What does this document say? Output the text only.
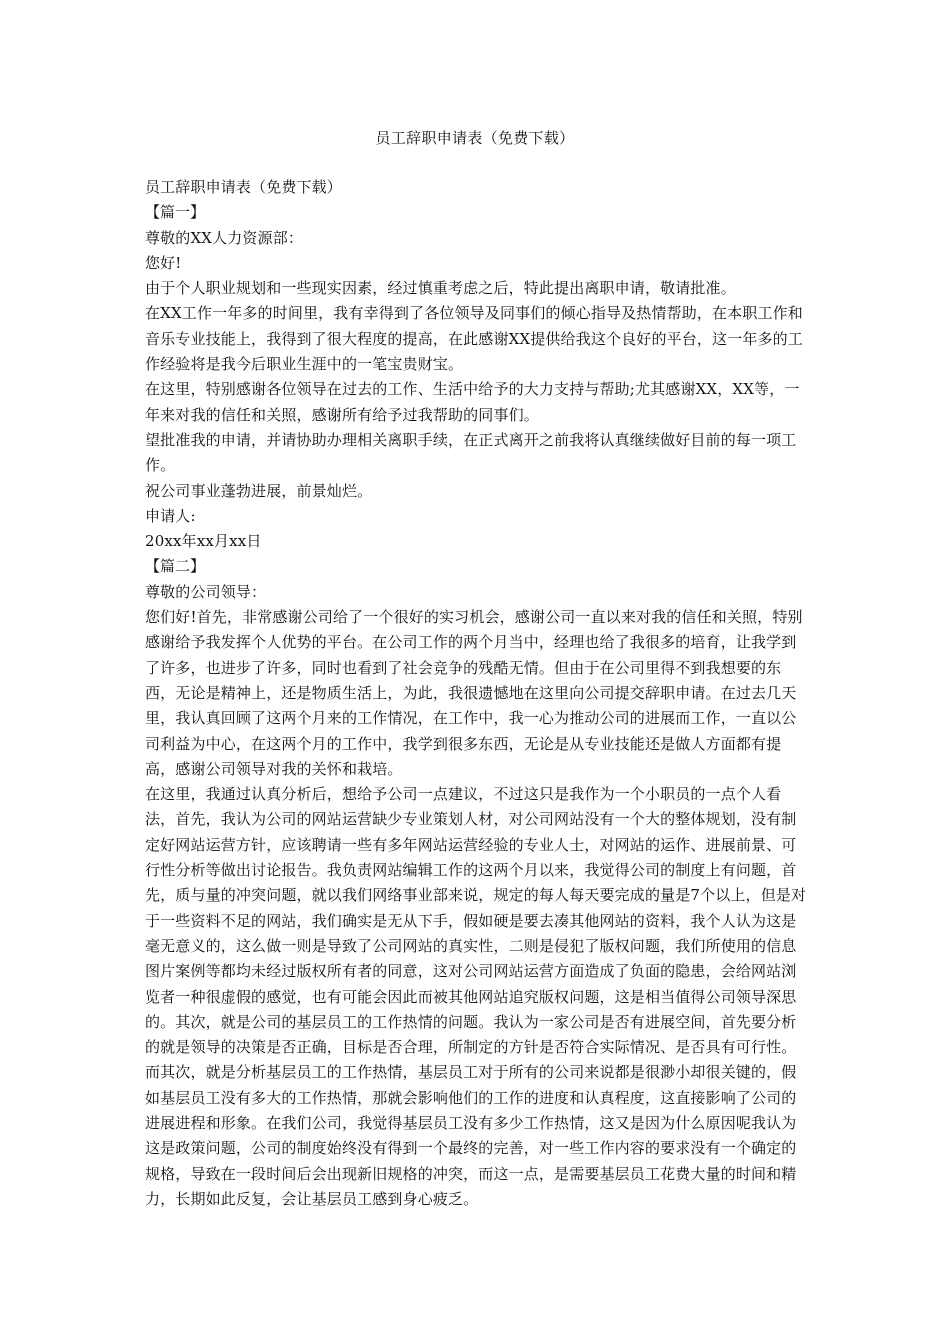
员工辞职申请表（免费下载）

员工辞职申请表（免费下载）

【篇一】

尊敬的XX人力资源部：

您好!

由于个人职业规划和一些现实因素，经过慎重考虑之后，特此提出离职申请，敬请批准。

在XX工作一年多的时间里，我有幸得到了各位领导及同事们的倾心指导及热情帮助，在本职工作和音乐专业技能上，我得到了很大程度的提高，在此感谢XX提供给我这个良好的平台，这一年多的工作经验将是我今后职业生涯中的一笔宝贵财宝。

在这里，特别感谢各位领导在过去的工作、生活中给予的大力支持与帮助;尤其感谢XX，XX等，一年来对我的信任和关照，感谢所有给予过我帮助的同事们。

望批准我的申请，并请协助办理相关离职手续，在正式离开之前我将认真继续做好目前的每一项工作。

祝公司事业蓬勃进展，前景灿烂。

申请人:

20xx年xx月xx日

【篇二】

尊敬的公司领导：

您们好!首先，非常感谢公司给了一个很好的实习机会，感谢公司一直以来对我的信任和关照，特别感谢给予我发挥个人优势的平台。在公司工作的两个月当中，经理也给了我很多的培育，让我学到了许多，也进步了许多，同时也看到了社会竞争的残酷无情。但由于在公司里得不到我想要的东西，无论是精神上，还是物质生活上，为此，我很遗憾地在这里向公司提交辞职申请。在过去几天里，我认真回顾了这两个月来的工作情况，在工作中，我一心为推动公司的进展而工作，一直以公司利益为中心，在这两个月的工作中，我学到很多东西，无论是从专业技能还是做人方面都有提高，感谢公司领导对我的关怀和栽培。

在这里，我通过认真分析后，想给予公司一点建议，不过这只是我作为一个小职员的一点个人看法，首先，我认为公司的网站运营缺少专业策划人材，对公司网站没有一个大的整体规划，没有制定好网站运营方针，应该聘请一些有多年网站运营经验的专业人士，对网站的运作、进展前景、可行性分析等做出讨论报告。我负责网站编辑工作的这两个月以来，我觉得公司的制度上有问题，首先，质与量的冲突问题，就以我们网络事业部来说，规定的每人每天要完成的量是7个以上，但是对于一些资料不足的网站，我们确实是无从下手，假如硬是要去凑其他网站的资料，我个人认为这是毫无意义的，这么做一则是导致了公司网站的真实性，二则是侵犯了版权问题，我们所使用的信息图片案例等都均未经过版权所有者的同意，这对公司网站运营方面造成了负面的隐患，会给网站浏览者一种很虚假的感觉，也有可能会因此而被其他网站追究版权问题，这是相当值得公司领导深思的。其次，就是公司的基层员工的工作热情的问题。我认为一家公司是否有进展空间，首先要分析的就是领导的决策是否正确，目标是否合理，所制定的方针是否符合实际情况、是否具有可行性。而其次，就是分析基层员工的工作热情，基层员工对于所有的公司来说都是很渺小却很关键的，假如基层员工没有多大的工作热情，那就会影响他们的工作的进度和认真程度，这直接影响了公司的进展进程和形象。在我们公司，我觉得基层员工没有多少工作热情，这又是因为什么原因呢我认为这是政策问题，公司的制度始终没有得到一个最终的完善，对一些工作内容的要求没有一个确定的规格，导致在一段时间后会出现新旧规格的冲突，而这一点，是需要基层员工花费大量的时间和精力，长期如此反复，会让基层员工感到身心疲乏。
